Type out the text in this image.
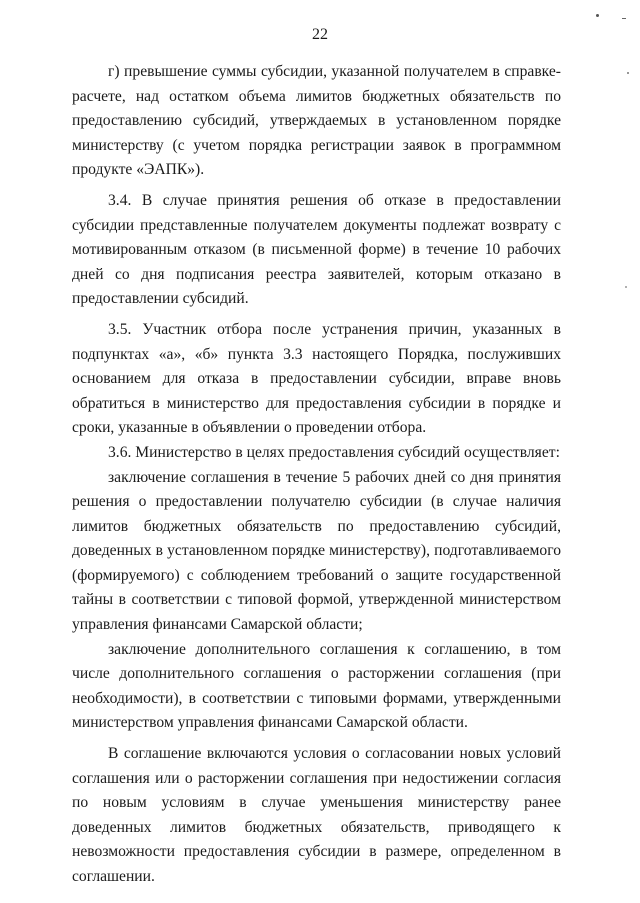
22

г) превышение суммы субсидии, указанной получателем в справке-расчете, над остатком объема лимитов бюджетных обязательств по предоставлению субсидий, утверждаемых в установленном порядке министерству (с учетом порядка регистрации заявок в программном продукте «ЭАПК»).

3.4. В случае принятия решения об отказе в предоставлении субсидии представленные получателем документы подлежат возврату с мотивированным отказом (в письменной форме) в течение 10 рабочих дней со дня подписания реестра заявителей, которым отказано в предоставлении субсидий.

3.5. Участник отбора после устранения причин, указанных в подпунктах «а», «б» пункта 3.3 настоящего Порядка, послуживших основанием для отказа в предоставлении субсидии, вправе вновь обратиться в министерство для предоставления субсидии в порядке и сроки, указанные в объявлении о проведении отбора.

3.6. Министерство в целях предоставления субсидий осуществляет:

заключение соглашения в течение 5 рабочих дней со дня принятия решения о предоставлении получателю субсидии (в случае наличия лимитов бюджетных обязательств по предоставлению субсидий, доведенных в установленном порядке министерству), подготавливаемого (формируемого) с соблюдением требований о защите государственной тайны в соответствии с типовой формой, утвержденной министерством управления финансами Самарской области;

заключение дополнительного соглашения к соглашению, в том числе дополнительного соглашения о расторжении соглашения (при необходимости), в соответствии с типовыми формами, утвержденными министерством управления финансами Самарской области.

В соглашение включаются условия о согласовании новых условий соглашения или о расторжении соглашения при недостижении согласия по новым условиям в случае уменьшения министерству ранее доведенных лимитов бюджетных обязательств, приводящего к невозможности предоставления субсидии в размере, определенном в соглашении.
